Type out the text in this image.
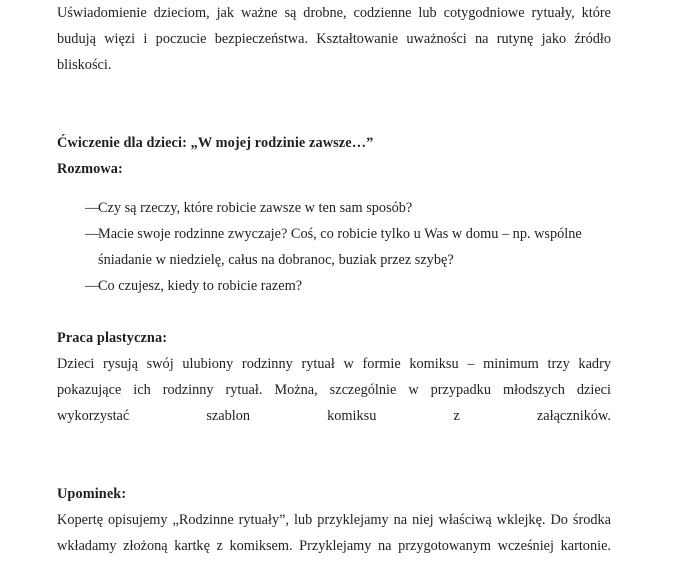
Uświadomienie dzieciom, jak ważne są drobne, codzienne lub cotygodniowe rytuały, które budują więzi i poczucie bezpieczeństwa. Kształtowanie uważności na rutynę jako źródło bliskości.

Ćwiczenie dla dzieci: „W mojej rodzinie zawsze…”

Rozmowa:

—
Czy są rzeczy, które robicie zawsze w ten sam sposób?
—
Macie swoje rodzinne zwyczaje? Coś, co robicie tylko u Was w domu – np. wspólne śniadanie w niedzielę, całus na dobranoc, buziak przez szybę?
—
Co czujesz, kiedy to robicie razem?

Praca plastyczna:

Dzieci rysują swój ulubiony rodzinny rytuał w formie komiksu – minimum trzy kadry pokazujące ich rodzinny rytuał. Można, szczególnie w przypadku młodszych dzieci wykorzystać szablon komiksu z załączników.

Upominek:

Kopertę opisujemy „Rodzinne rytuały”, lub przyklejamy na niej właściwą wklejkę. Do środka wkładamy złożoną kartkę z komiksem. Przyklejamy na przygotowanym wcześniej kartonie.
